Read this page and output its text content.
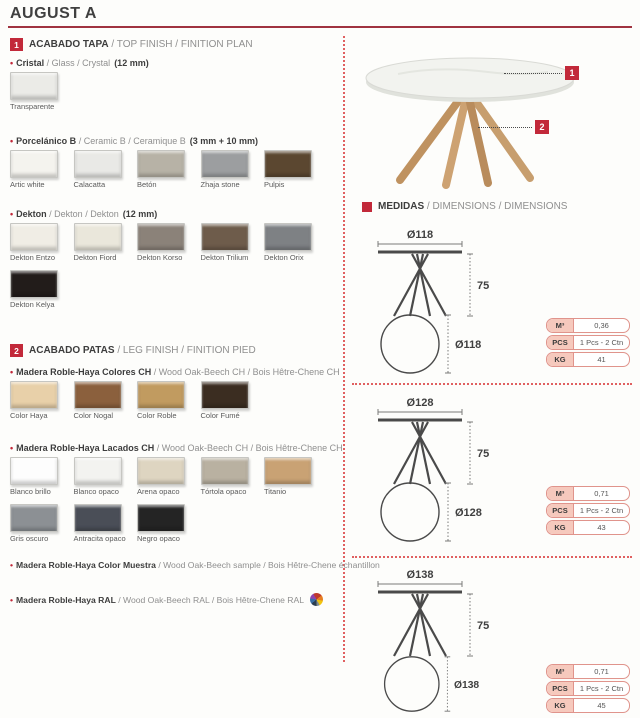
AUGUST A
1	ACABADO TAPA / TOP FINISH / FINITION PLAN
• Cristal / Glass / Crystal (12 mm)
Transparente
• Porcelánico B / Ceramic B / Ceramique B (3 mm + 10 mm)
Artic white	Calacatta	Betón	Zhaja stone	Pulpis
• Dekton / Dekton / Dekton (12 mm)
Dekton Entzo	Dekton Fiord	Dekton Korso	Dekton Trilium	Dekton Orix
Dekton Kelya
2	ACABADO PATAS / LEG FINISH / FINITION PIED
• Madera Roble-Haya Colores CH / Wood Oak-Beech CH / Bois Hêtre-Chene CH
Color Haya	Color Nogal	Color Roble	Color Fumé
• Madera Roble-Haya Lacados CH / Wood Oak-Beech CH / Bois Hêtre-Chene CH
Blanco brillo	Blanco opaco	Arena opaco	Tórtola opaco	Titanio
Gris oscuro	Antracita opaco	Negro opaco
• Madera Roble-Haya Color Muestra / Wood Oak-Beech sample / Bois Hêtre-Chene échantillon
• Madera Roble-Haya RAL / Wood Oak-Beech RAL / Bois Hêtre-Chene RAL
1
2
MEDIDAS / DIMENSIONS / DIMENSIONS
Ø118
75
Ø118
M³	0,36
PCS	1 Pcs - 2 Ctn
KG	41
Ø128
75
Ø128
M³	0,71
PCS	1 Pcs - 2 Ctn
KG	43
Ø138
75
Ø138
M³	0,71
PCS	1 Pcs - 2 Ctn
KG	45
